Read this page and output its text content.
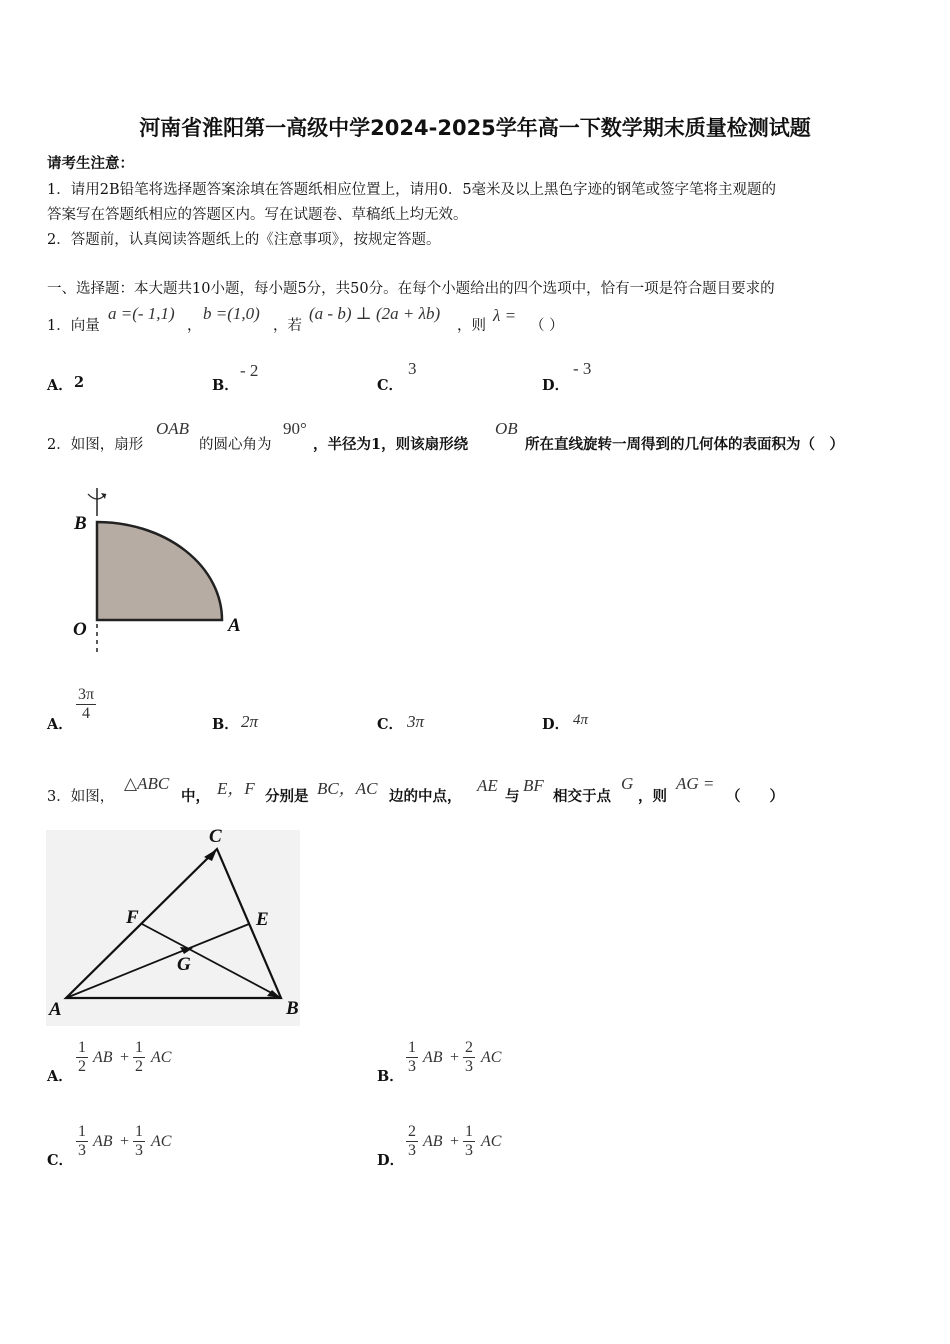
河南省淮阳第一高级中学2024-2025学年高一下数学期末质量检测试题
请考生注意：
1．请用2B铅笔将选择题答案涂填在答题纸相应位置上，请用0．5毫米及以上黑色字迹的钢笔或签字笔将主观题的
答案写在答题纸相应的答题区内。写在试题卷、草稿纸上均无效。
2．答题前，认真阅读答题纸上的《注意事项》，按规定答题。
一、选择题：本大题共10小题，每小题5分，共50分。在每个小题给出的四个选项中，恰有一项是符合题目要求的
1．向量
a =(- 1,1)
，
b =(1,0)
，若
(a - b) ⊥ (2a + λb)
，则
λ =
（ ）
A． 2	B．
- 2
C．
3
D．
- 3
2．如图，扇形
OAB
的圆心角为
90°
，半径为1，则该扇形绕
OB
所在直线旋转一周得到的几何体的表面积为（　）
B
O	A
A．
$\frac{3\pi}{4}$
B． 2π	C． 3π	D． 4π
3．如图，
△ABC
中， E，F 分别是 BC，AC 边的中点，
AE
与
BF
相交于点
G
，则
AG =
（　　）
C
F	E
G
A	B
A．
$\frac{1}{2}$ AB + $\frac{1}{2}$ AC
B．
$\frac{1}{3}$ AB + $\frac{2}{3}$ AC
C．
$\frac{1}{3}$ AB + $\frac{1}{3}$ AC
D．
$\frac{2}{3}$ AB + $\frac{1}{3}$ AC
